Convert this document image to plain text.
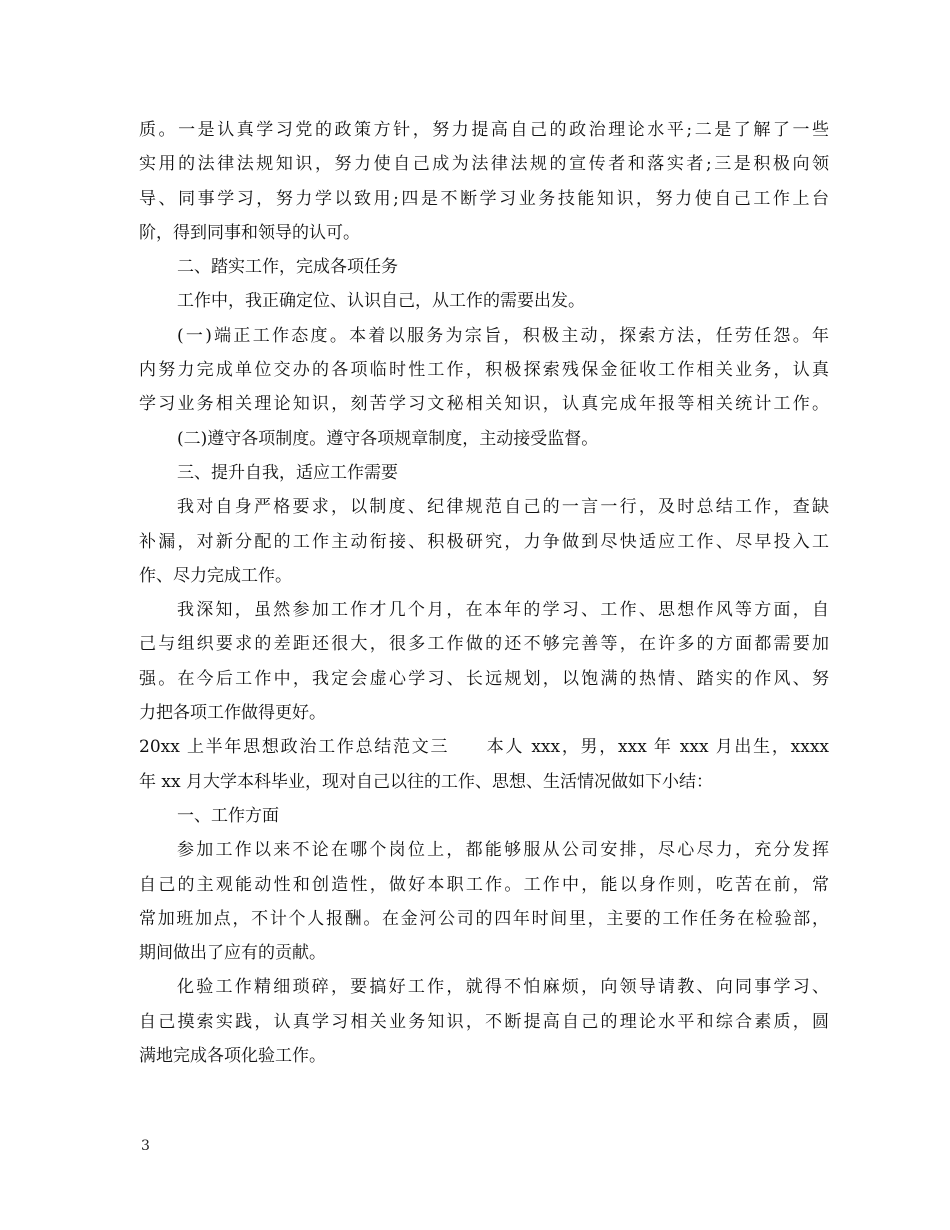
质。一是认真学习党的政策方针，努力提高自己的政治理论水平;二是了解了一些
实用的法律法规知识，努力使自己成为法律法规的宣传者和落实者;三是积极向领
导、同事学习，努力学以致用;四是不断学习业务技能知识，努力使自己工作上台
阶，得到同事和领导的认可。
二、踏实工作，完成各项任务
工作中，我正确定位、认识自己，从工作的需要出发。
(一)端正工作态度。本着以服务为宗旨，积极主动，探索方法，任劳任怨。年
内努力完成单位交办的各项临时性工作，积极探索残保金征收工作相关业务，认真
学习业务相关理论知识，刻苦学习文秘相关知识，认真完成年报等相关统计工作。
(二)遵守各项制度。遵守各项规章制度，主动接受监督。
三、提升自我，适应工作需要
我对自身严格要求，以制度、纪律规范自己的一言一行，及时总结工作，查缺
补漏，对新分配的工作主动衔接、积极研究，力争做到尽快适应工作、尽早投入工
作、尽力完成工作。
我深知，虽然参加工作才几个月，在本年的学习、工作、思想作风等方面，自
己与组织要求的差距还很大，很多工作做的还不够完善等，在许多的方面都需要加
强。在今后工作中，我定会虚心学习、长远规划，以饱满的热情、踏实的作风、努
力把各项工作做得更好。
20xx 上半年思想政治工作总结范文三　　本人 xxx，男，xxx 年 xxx 月出生，xxxx
年 xx 月大学本科毕业，现对自己以往的工作、思想、生活情况做如下小结：
一、工作方面
参加工作以来不论在哪个岗位上，都能够服从公司安排，尽心尽力，充分发挥
自己的主观能动性和创造性，做好本职工作。工作中，能以身作则，吃苦在前，常
常加班加点，不计个人报酬。在金河公司的四年时间里，主要的工作任务在检验部，
期间做出了应有的贡献。
化验工作精细琐碎，要搞好工作，就得不怕麻烦，向领导请教、向同事学习、
自己摸索实践，认真学习相关业务知识，不断提高自己的理论水平和综合素质，圆
满地完成各项化验工作。
3
